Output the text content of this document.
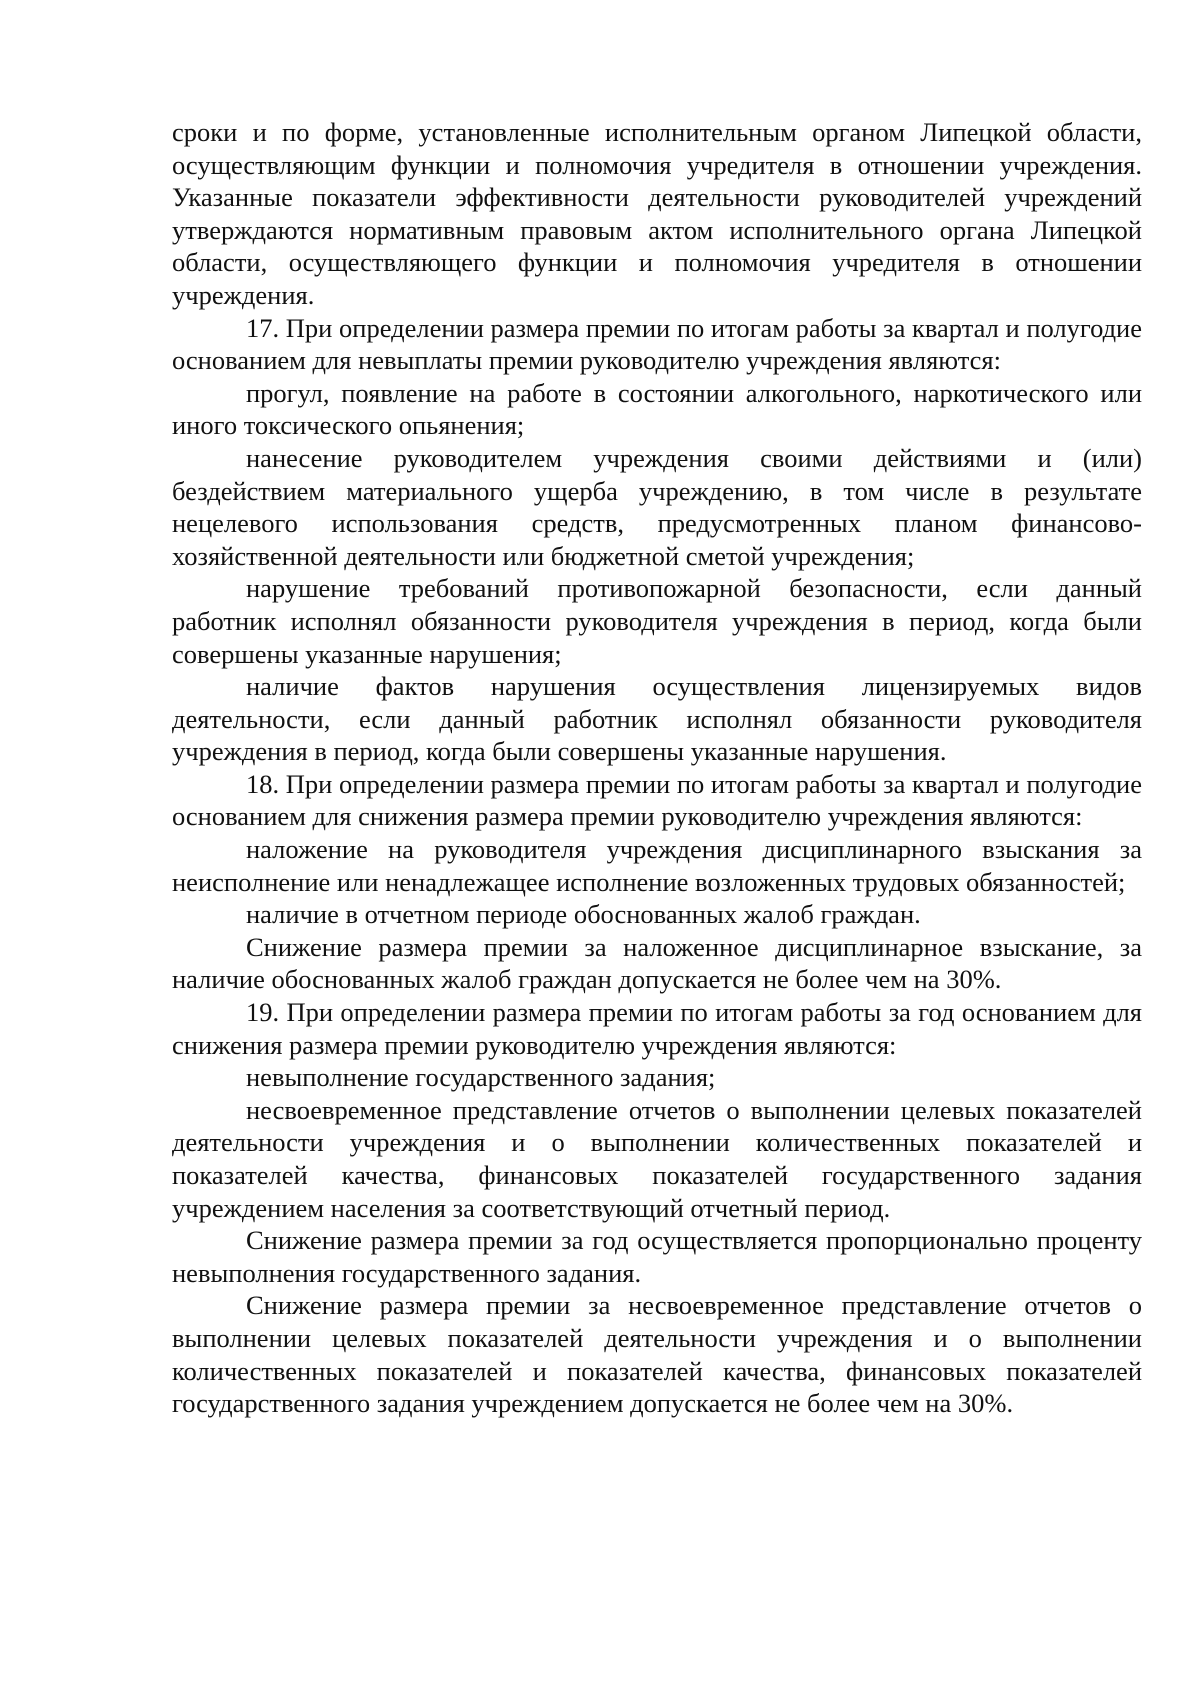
сроки и по форме, установленные исполнительным органом Липецкой области, осуществляющим функции и полномочия учредителя в отношении учреждения. Указанные показатели эффективности деятельности руководителей учреждений утверждаются нормативным правовым актом исполнительного органа Липецкой области, осуществляющего функции и полномочия учредителя в отношении учреждения.

17. При определении размера премии по итогам работы за квартал и полугодие основанием для невыплаты премии руководителю учреждения являются:

прогул, появление на работе в состоянии алкогольного, наркотического или иного токсического опьянения;

нанесение руководителем учреждения своими действиями и (или) бездействием материального ущерба учреждению, в том числе в результате нецелевого использования средств, предусмотренных планом финансово-хозяйственной деятельности или бюджетной сметой учреждения;

нарушение требований противопожарной безопасности, если данный работник исполнял обязанности руководителя учреждения в период, когда были совершены указанные нарушения;

наличие фактов нарушения осуществления лицензируемых видов деятельности, если данный работник исполнял обязанности руководителя учреждения в период, когда были совершены указанные нарушения.

18. При определении размера премии по итогам работы за квартал и полугодие основанием для снижения размера премии руководителю учреждения являются:

наложение на руководителя учреждения дисциплинарного взыскания за неисполнение или ненадлежащее исполнение возложенных трудовых обязанностей;

наличие в отчетном периоде обоснованных жалоб граждан.

Снижение размера премии за наложенное дисциплинарное взыскание, за наличие обоснованных жалоб граждан допускается не более чем на 30%.

19. При определении размера премии по итогам работы за год основанием для снижения размера премии руководителю учреждения являются:

невыполнение государственного задания;

несвоевременное представление отчетов о выполнении целевых показателей деятельности учреждения и о выполнении количественных показателей и показателей качества, финансовых показателей государственного задания учреждением населения за соответствующий отчетный период.

Снижение размера премии за год осуществляется пропорционально проценту невыполнения государственного задания.

Снижение размера премии за несвоевременное представление отчетов о выполнении целевых показателей деятельности учреждения и о выполнении количественных показателей и показателей качества, финансовых показателей государственного задания учреждением допускается не более чем на 30%.
